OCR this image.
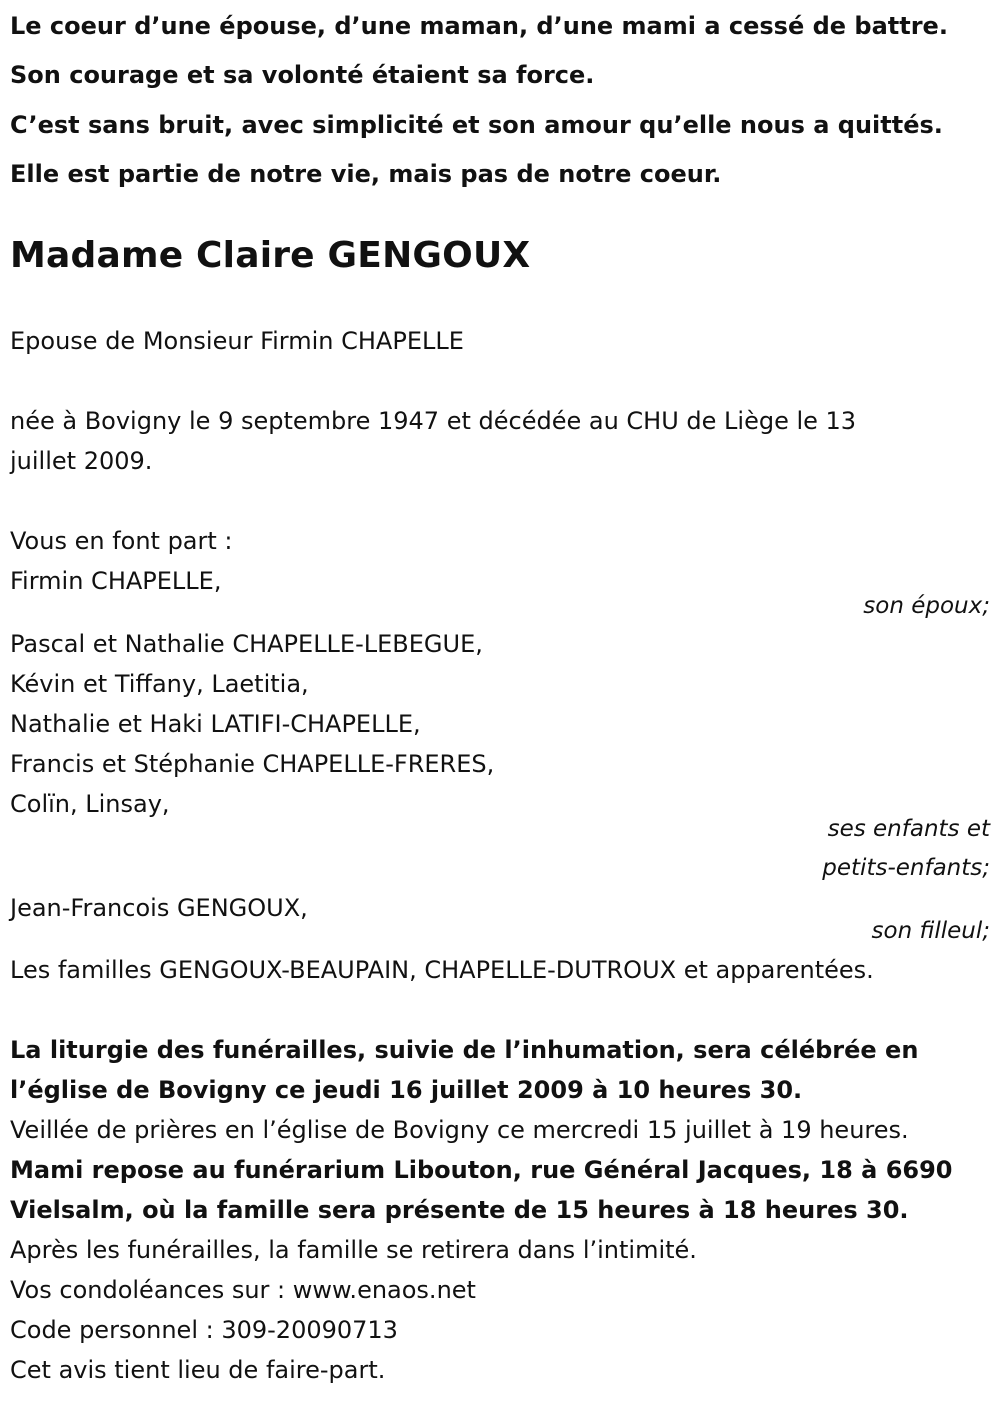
Le coeur d’une épouse, d’une maman, d’une mami a cessé de battre.
Son courage et sa volonté étaient sa force.
C’est sans bruit, avec simplicité et son amour qu’elle nous a quittés.
Elle est partie de notre vie, mais pas de notre coeur.
Madame Claire GENGOUX
Epouse de Monsieur Firmin CHAPELLE
née à Bovigny le 9 septembre 1947 et décédée au CHU de Liège le 13
juillet 2009.
Vous en font part :
Firmin CHAPELLE,
son époux;
Pascal et Nathalie CHAPELLE-LEBEGUE,
Kévin et Tiffany, Laetitia,
Nathalie et Haki LATIFI-CHAPELLE,
Francis et Stéphanie CHAPELLE-FRERES,
Colïn, Linsay,
ses enfants et
petits-enfants;
Jean-Francois GENGOUX,
son filleul;
Les familles GENGOUX-BEAUPAIN, CHAPELLE-DUTROUX et apparentées.
La liturgie des funérailles, suivie de l’inhumation, sera célébrée en
l’église de Bovigny ce jeudi 16 juillet 2009 à 10 heures 30.
Veillée de prières en l’église de Bovigny ce mercredi 15 juillet à 19 heures.
Mami repose au funérarium Libouton, rue Général Jacques, 18 à 6690
Vielsalm, où la famille sera présente de 15 heures à 18 heures 30.
Après les funérailles, la famille se retirera dans l’intimité.
Vos condoléances sur : www.enaos.net
Code personnel : 309-20090713
Cet avis tient lieu de faire-part.
